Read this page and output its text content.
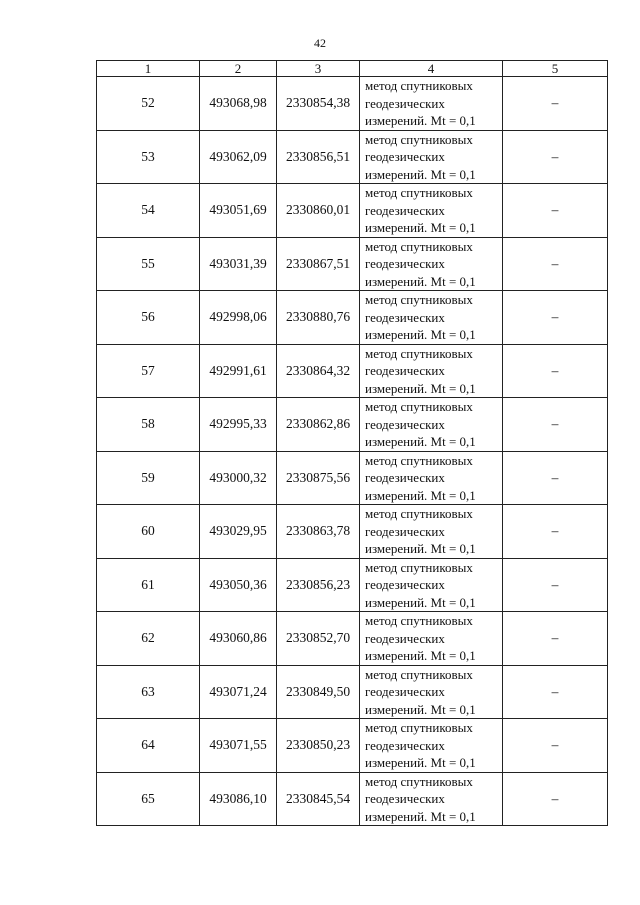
42
1	2	3	4	5
52	493068,98	2330854,38	метод спутниковых
геодезических
измерений. Mt = 0,1	–
53	493062,09	2330856,51	метод спутниковых
геодезических
измерений. Mt = 0,1	–
54	493051,69	2330860,01	метод спутниковых
геодезических
измерений. Mt = 0,1	–
55	493031,39	2330867,51	метод спутниковых
геодезических
измерений. Mt = 0,1	–
56	492998,06	2330880,76	метод спутниковых
геодезических
измерений. Mt = 0,1	–
57	492991,61	2330864,32	метод спутниковых
геодезических
измерений. Mt = 0,1	–
58	492995,33	2330862,86	метод спутниковых
геодезических
измерений. Mt = 0,1	–
59	493000,32	2330875,56	метод спутниковых
геодезических
измерений. Mt = 0,1	–
60	493029,95	2330863,78	метод спутниковых
геодезических
измерений. Mt = 0,1	–
61	493050,36	2330856,23	метод спутниковых
геодезических
измерений. Mt = 0,1	–
62	493060,86	2330852,70	метод спутниковых
геодезических
измерений. Mt = 0,1	–
63	493071,24	2330849,50	метод спутниковых
геодезических
измерений. Mt = 0,1	–
64	493071,55	2330850,23	метод спутниковых
геодезических
измерений. Mt = 0,1	–
65	493086,10	2330845,54	метод спутниковых
геодезических
измерений. Mt = 0,1	–
